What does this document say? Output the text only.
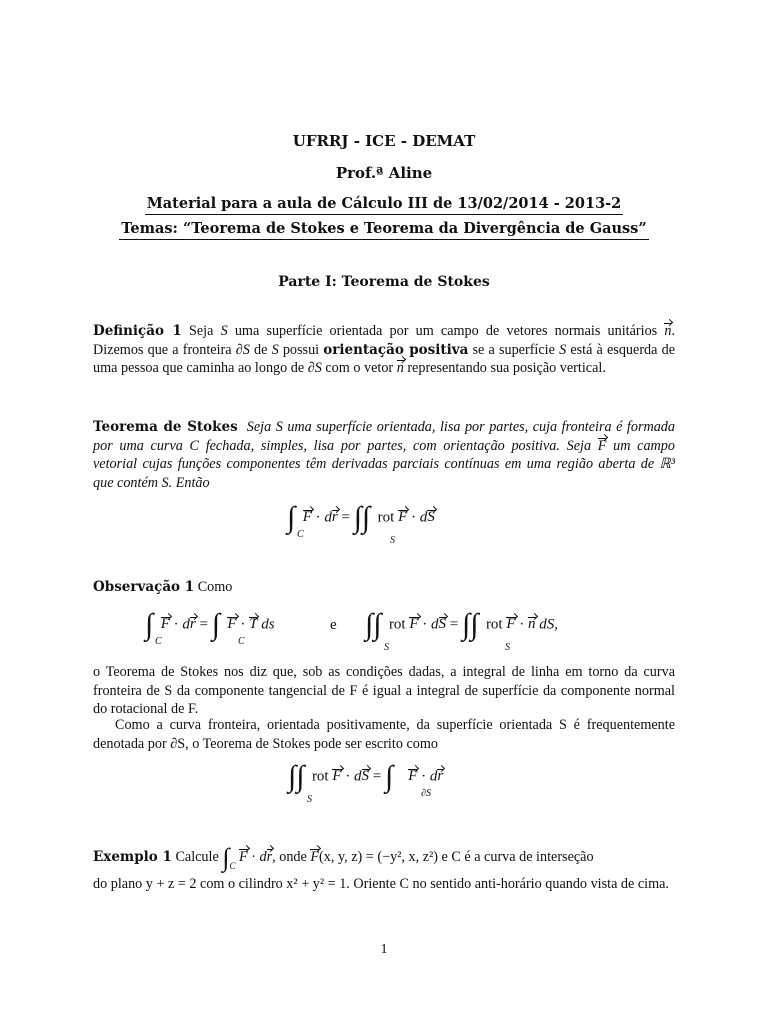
UFRRJ - ICE - DEMAT
Prof.ª Aline
Material para a aula de Cálculo III de 13/02/2014 - 2013-2
Temas: “Teorema de Stokes e Teorema da Divergência de Gauss”
Parte I: Teorema de Stokes
Definição 1 Seja S uma superfície orientada por um campo de vetores normais unitários n. Dizemos que a fronteira ∂S de S possui orientação positiva se a superfície S está à esquerda de uma pessoa que caminha ao longo de ∂S com o vetor n representando sua posição vertical.
Teorema de Stokes Seja S uma superfície orientada, lisa por partes, cuja fronteira é formada por uma curva C fechada, simples, lisa por partes, com orientação positiva. Seja F um campo vetorial cujas funções componentes têm derivadas parciais contínuas em uma região aberta de ℝ³ que contém S. Então
∫
C
F · dr = ∫∫
S
rot F · dS
Observação 1 Como
∫
C
F · dr = ∫
C
F · T ds	e ∫∫
S
rot F · dS = ∫∫
S
rot F · n dS,
o Teorema de Stokes nos diz que, sob as condições dadas, a integral de linha em torno da curva fronteira de S da componente tangencial de F é igual a integral de superfície da componente normal do rotacional de F.
Como a curva fronteira, orientada positivamente, da superfície orientada S é frequentemente denotada por ∂S, o Teorema de Stokes pode ser escrito como
∫∫
S
rot F · dS = ∫
∂S
F · dr
Exemplo 1 Calcule $\int_C$ F · dr, onde F(x, y, z) = (−y², x, z²) e C é a curva de interseção
do plano y + z = 2 com o cilindro x² + y² = 1. Oriente C no sentido anti-horário quando vista de cima.
1
